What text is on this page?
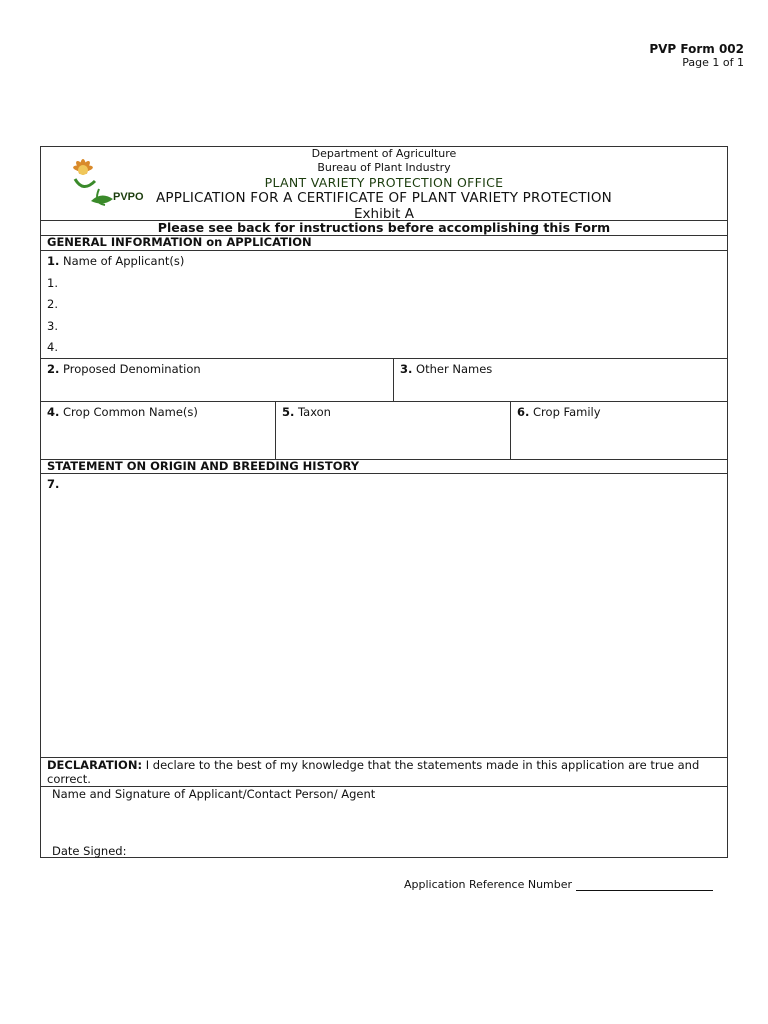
PVP Form 002
Page 1 of 1
PVPO
Department of Agriculture
Bureau of Plant Industry
PLANT VARIETY PROTECTION OFFICE
APPLICATION FOR A CERTIFICATE OF PLANT VARIETY PROTECTION
Exhibit A
Please see back for instructions before accomplishing this Form
GENERAL INFORMATION on APPLICATION
1. Name of Applicant(s)
1.
2.
3.
4.
2. Proposed Denomination	3. Other Names
4. Crop Common Name(s)	5. Taxon	6. Crop Family
STATEMENT ON ORIGIN AND BREEDING HISTORY
7.
DECLARATION: I declare to the best of my knowledge that the statements made in this application are true and correct.
Name and Signature of Applicant/Contact Person/ Agent
Date Signed:
Application Reference Number
